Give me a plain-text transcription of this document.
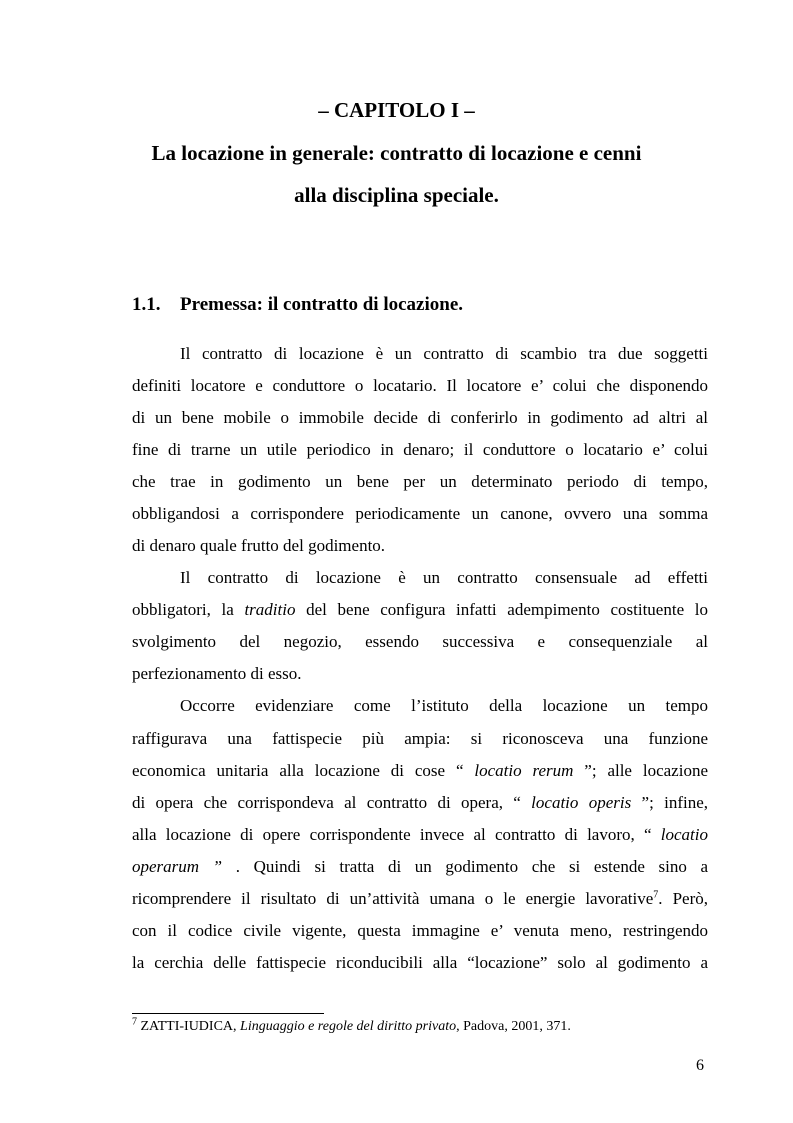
– CAPITOLO I –
La locazione in generale: contratto di locazione e cenni
alla disciplina speciale.
1.1. Premessa: il contratto di locazione.
Il contratto di locazione è un contratto di scambio tra due soggetti
definiti locatore e conduttore o locatario. Il locatore e’ colui che disponendo
di un bene mobile o immobile decide di conferirlo in godimento ad altri al
fine di trarne un utile periodico in denaro; il conduttore o locatario e’ colui
che trae in godimento un bene per un determinato periodo di tempo,
obbligandosi a corrispondere periodicamente un canone, ovvero una somma
di denaro quale frutto del godimento.
Il contratto di locazione è un contratto consensuale ad effetti
obbligatori, la traditio del bene configura infatti adempimento costituente lo
svolgimento del negozio, essendo successiva e consequenziale al
perfezionamento di esso.
Occorre evidenziare come l’istituto della locazione un tempo
raffigurava una fattispecie più ampia: si riconosceva una funzione
economica unitaria alla locazione di cose “ locatio rerum ”; alle locazione
di opera che corrispondeva al contratto di opera, “ locatio operis ”; infine,
alla locazione di opere corrispondente invece al contratto di lavoro, “ locatio
operarum ” . Quindi si tratta di un godimento che si estende sino a
ricomprendere il risultato di un’attività umana o le energie lavorative$^7$. Però,
con il codice civile vigente, questa immagine e’ venuta meno, restringendo
la cerchia delle fattispecie riconducibili alla “locazione” solo al godimento a
$^7$ ZATTI-IUDICA, Linguaggio e regole del diritto privato, Padova, 2001, 371.
6
